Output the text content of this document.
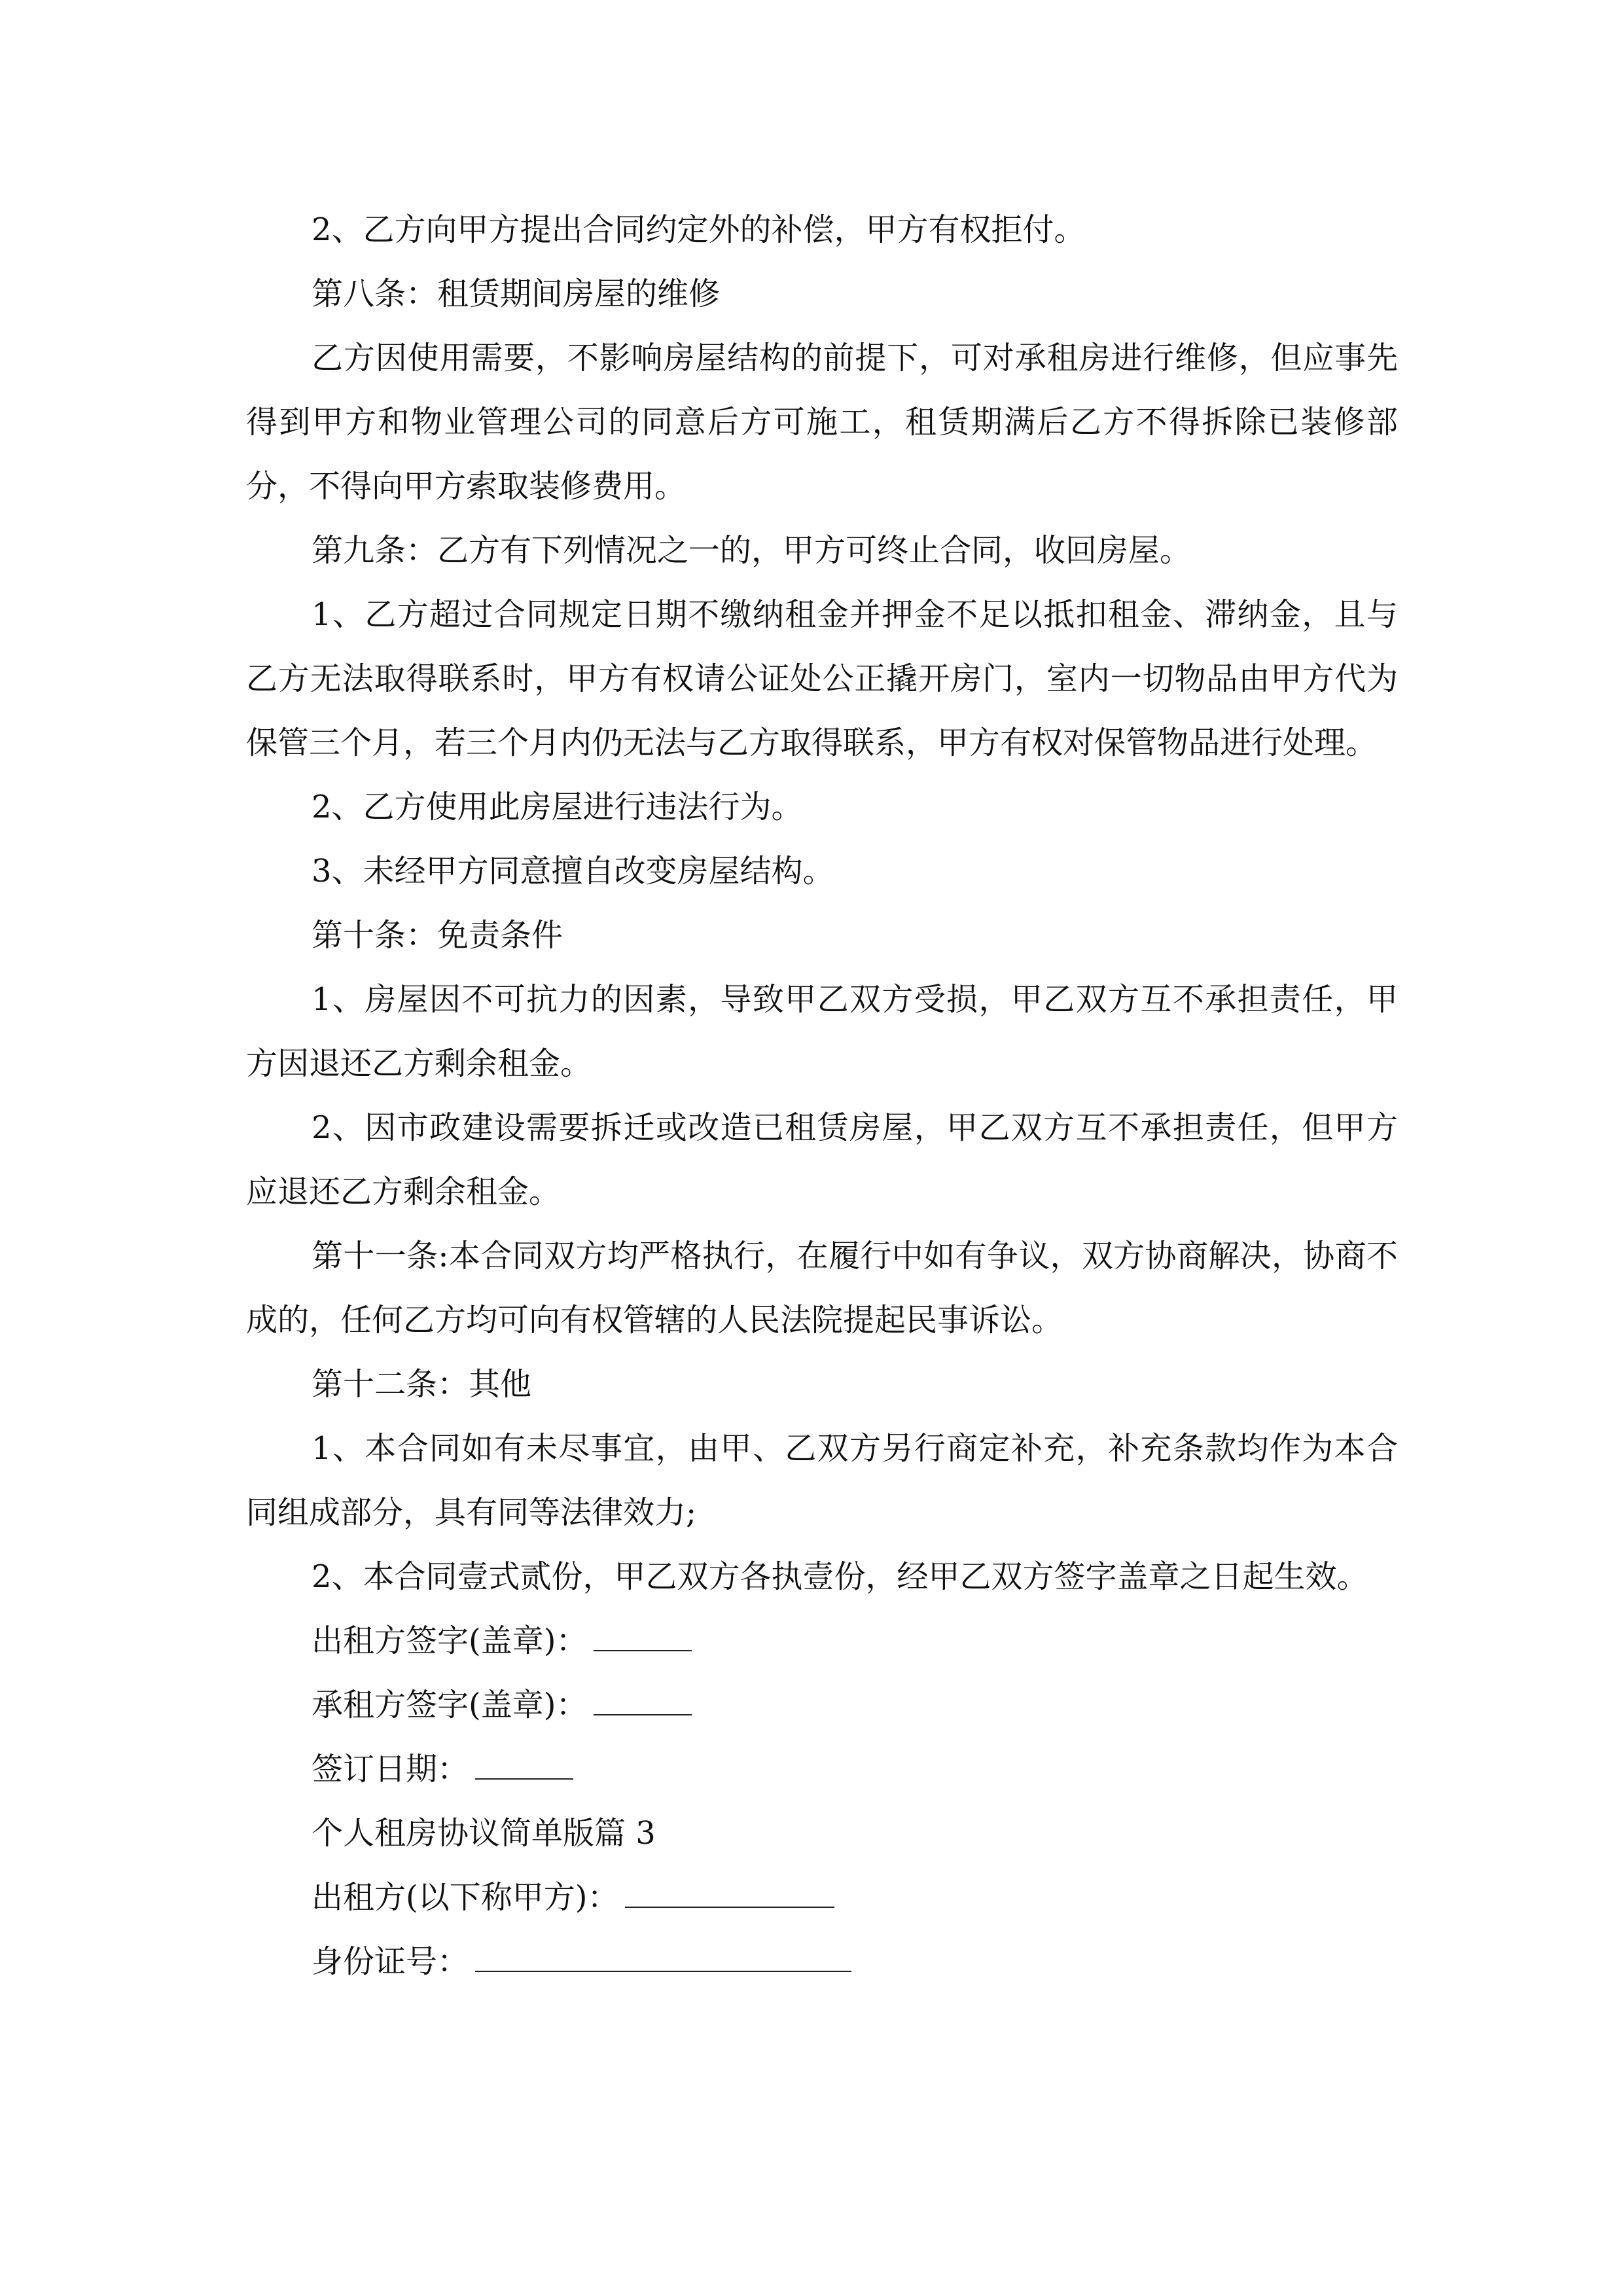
2、乙方向甲方提出合同约定外的补偿，甲方有权拒付。

第八条：租赁期间房屋的维修

乙方因使用需要，不影响房屋结构的前提下，可对承租房进行维修，但应事先得到甲方和物业管理公司的同意后方可施工，租赁期满后乙方不得拆除已装修部分，不得向甲方索取装修费用。

第九条：乙方有下列情况之一的，甲方可终止合同，收回房屋。

1、乙方超过合同规定日期不缴纳租金并押金不足以抵扣租金、滞纳金，且与乙方无法取得联系时，甲方有权请公证处公正撬开房门，室内一切物品由甲方代为保管三个月，若三个月内仍无法与乙方取得联系，甲方有权对保管物品进行处理。

2、乙方使用此房屋进行违法行为。

3、未经甲方同意擅自改变房屋结构。

第十条：免责条件

1、房屋因不可抗力的因素，导致甲乙双方受损，甲乙双方互不承担责任，甲方因退还乙方剩余租金。

2、因市政建设需要拆迁或改造已租赁房屋，甲乙双方互不承担责任，但甲方应退还乙方剩余租金。

第十一条:本合同双方均严格执行，在履行中如有争议，双方协商解决，协商不成的，任何乙方均可向有权管辖的人民法院提起民事诉讼。

第十二条：其他

1、本合同如有未尽事宜，由甲、乙双方另行商定补充，补充条款均作为本合同组成部分，具有同等法律效力;

2、本合同壹式贰份，甲乙双方各执壹份，经甲乙双方签字盖章之日起生效。

出租方签字(盖章)：
承租方签字(盖章)：
签订日期：
个人租房协议简单版篇 3
出租方(以下称甲方)：
身份证号：
